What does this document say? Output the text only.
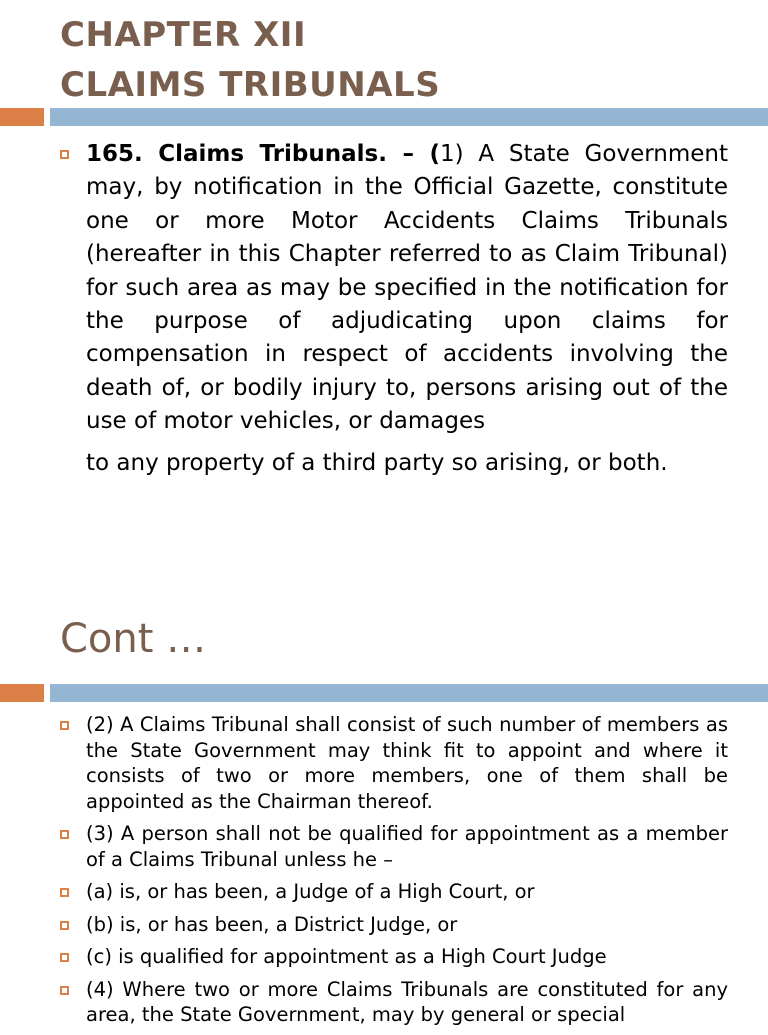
CHAPTER XII
CLAIMS TRIBUNALS
165. Claims Tribunals. – (1) A State Government may, by notification in the Official Gazette, constitute one or more Motor Accidents Claims Tribunals (hereafter in this Chapter referred to as Claim Tribunal) for such area as may be specified in the notification for the purpose of adjudicating upon claims for compensation in respect of accidents involving the death of, or bodily injury to, persons arising out of the use of motor vehicles, or damages
to any property of a third party so arising, or both.
Cont …
(2) A Claims Tribunal shall consist of such number of members as the State Government may think fit to appoint and where it consists of two or more members, one of them shall be appointed as the Chairman thereof.
(3) A person shall not be qualified for appointment as a member of a Claims Tribunal unless he –
(a) is, or has been, a Judge of a High Court, or
(b) is, or has been, a District Judge, or
(c) is qualified for appointment as a High Court Judge
(4) Where two or more Claims Tribunals are constituted for any area, the State Government, may by general or special
